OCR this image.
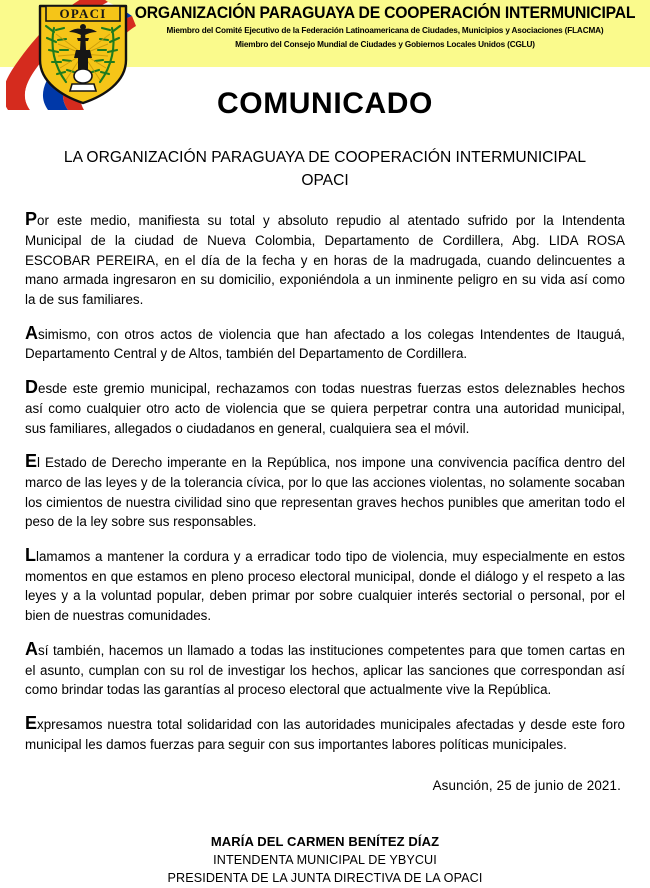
OPACI ORGANIZACIÓN PARAGUAYA DE COOPERACIÓN INTERMUNICIPAL
Miembro del Comité Ejecutivo de la Federación Latinoamericana de Ciudades, Municipios y Asociaciones (FLACMA)
Miembro del Consejo Mundial de Ciudades y Gobiernos Locales Unidos (CGLU)
COMUNICADO
LA ORGANIZACIÓN PARAGUAYA DE COOPERACIÓN INTERMUNICIPAL
OPACI

Por este medio, manifiesta su total y absoluto repudio al atentado sufrido por la Intendenta Municipal de la ciudad de Nueva Colombia, Departamento de Cordillera, Abg. LIDA ROSA ESCOBAR PEREIRA, en el día de la fecha y en horas de la madrugada, cuando delincuentes a mano armada ingresaron en su domicilio, exponiéndola a un inminente peligro en su vida así como la de sus familiares.

Asimismo, con otros actos de violencia que han afectado a los colegas Intendentes de Itauguá, Departamento Central y de Altos, también del Departamento de Cordillera.

Desde este gremio municipal, rechazamos con todas nuestras fuerzas estos deleznables hechos así como cualquier otro acto de violencia que se quiera perpetrar contra una autoridad municipal, sus familiares, allegados o ciudadanos en general, cualquiera sea el móvil.

El Estado de Derecho imperante en la República, nos impone una convivencia pacífica dentro del marco de las leyes y de la tolerancia cívica, por lo que las acciones violentas, no solamente socaban los cimientos de nuestra civilidad sino que representan graves hechos punibles que ameritan todo el peso de la ley sobre sus responsables.

Llamamos a mantener la cordura y a erradicar todo tipo de violencia, muy especialmente en estos momentos en que estamos en pleno proceso electoral municipal, donde el diálogo y el respeto a las leyes y a la voluntad popular, deben primar por sobre cualquier interés sectorial o personal, por el bien de nuestras comunidades.

Así también, hacemos un llamado a todas las instituciones competentes para que tomen cartas en el asunto, cumplan con su rol de investigar los hechos, aplicar las sanciones que correspondan así como brindar todas las garantías al proceso electoral que actualmente vive la República.

Expresamos nuestra total solidaridad con las autoridades municipales afectadas y desde este foro municipal les damos fuerzas para seguir con sus importantes labores políticas municipales.

Asunción, 25 de junio de 2021.
MARÍA DEL CARMEN BENÍTEZ DÍAZ
INTENDENTA MUNICIPAL DE YBYCUI
PRESIDENTA DE LA JUNTA DIRECTIVA DE LA OPACI
